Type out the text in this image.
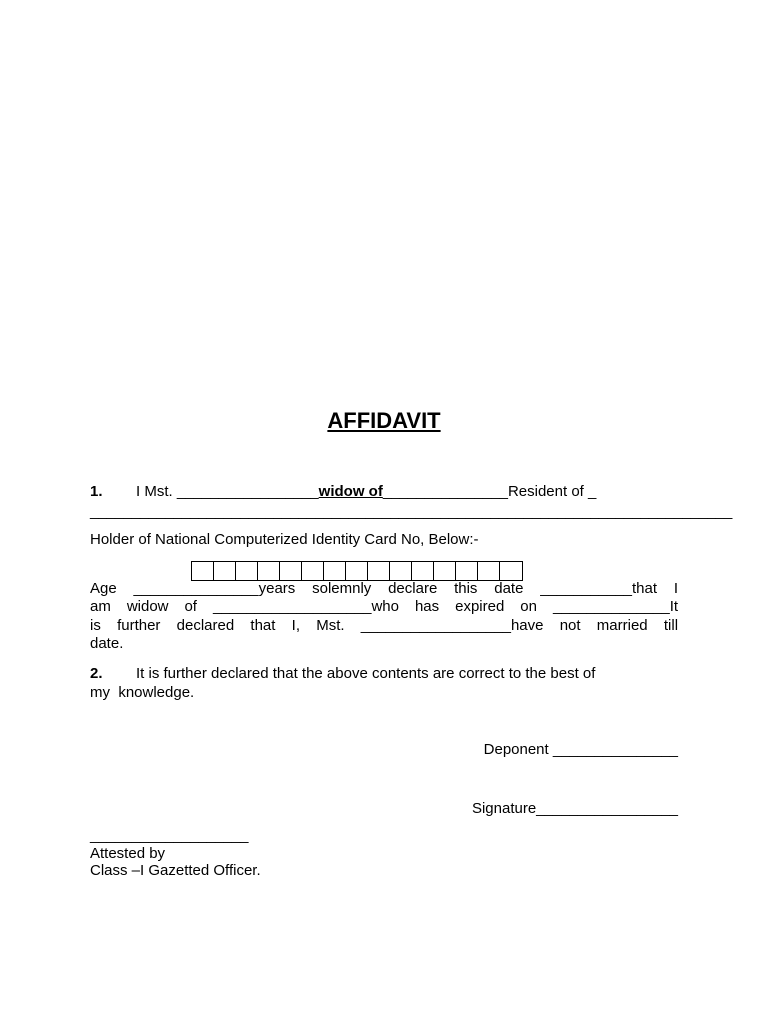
AFFIDAVIT
1. I Mst. _________________widow of_______________Resident of _
_____________________________________________________________________________
Holder of National Computerized Identity Card No, Below:-
Age _______________years solemnly declare this date ___________that I
am widow of ___________________who has expired on ______________It
is further declared that I, Mst. __________________have not married till
date.
2. It is further declared that the above contents are correct to the best of
my  knowledge.
Deponent _______________
Signature_________________
___________________
Attested by
Class –I Gazetted Officer.
